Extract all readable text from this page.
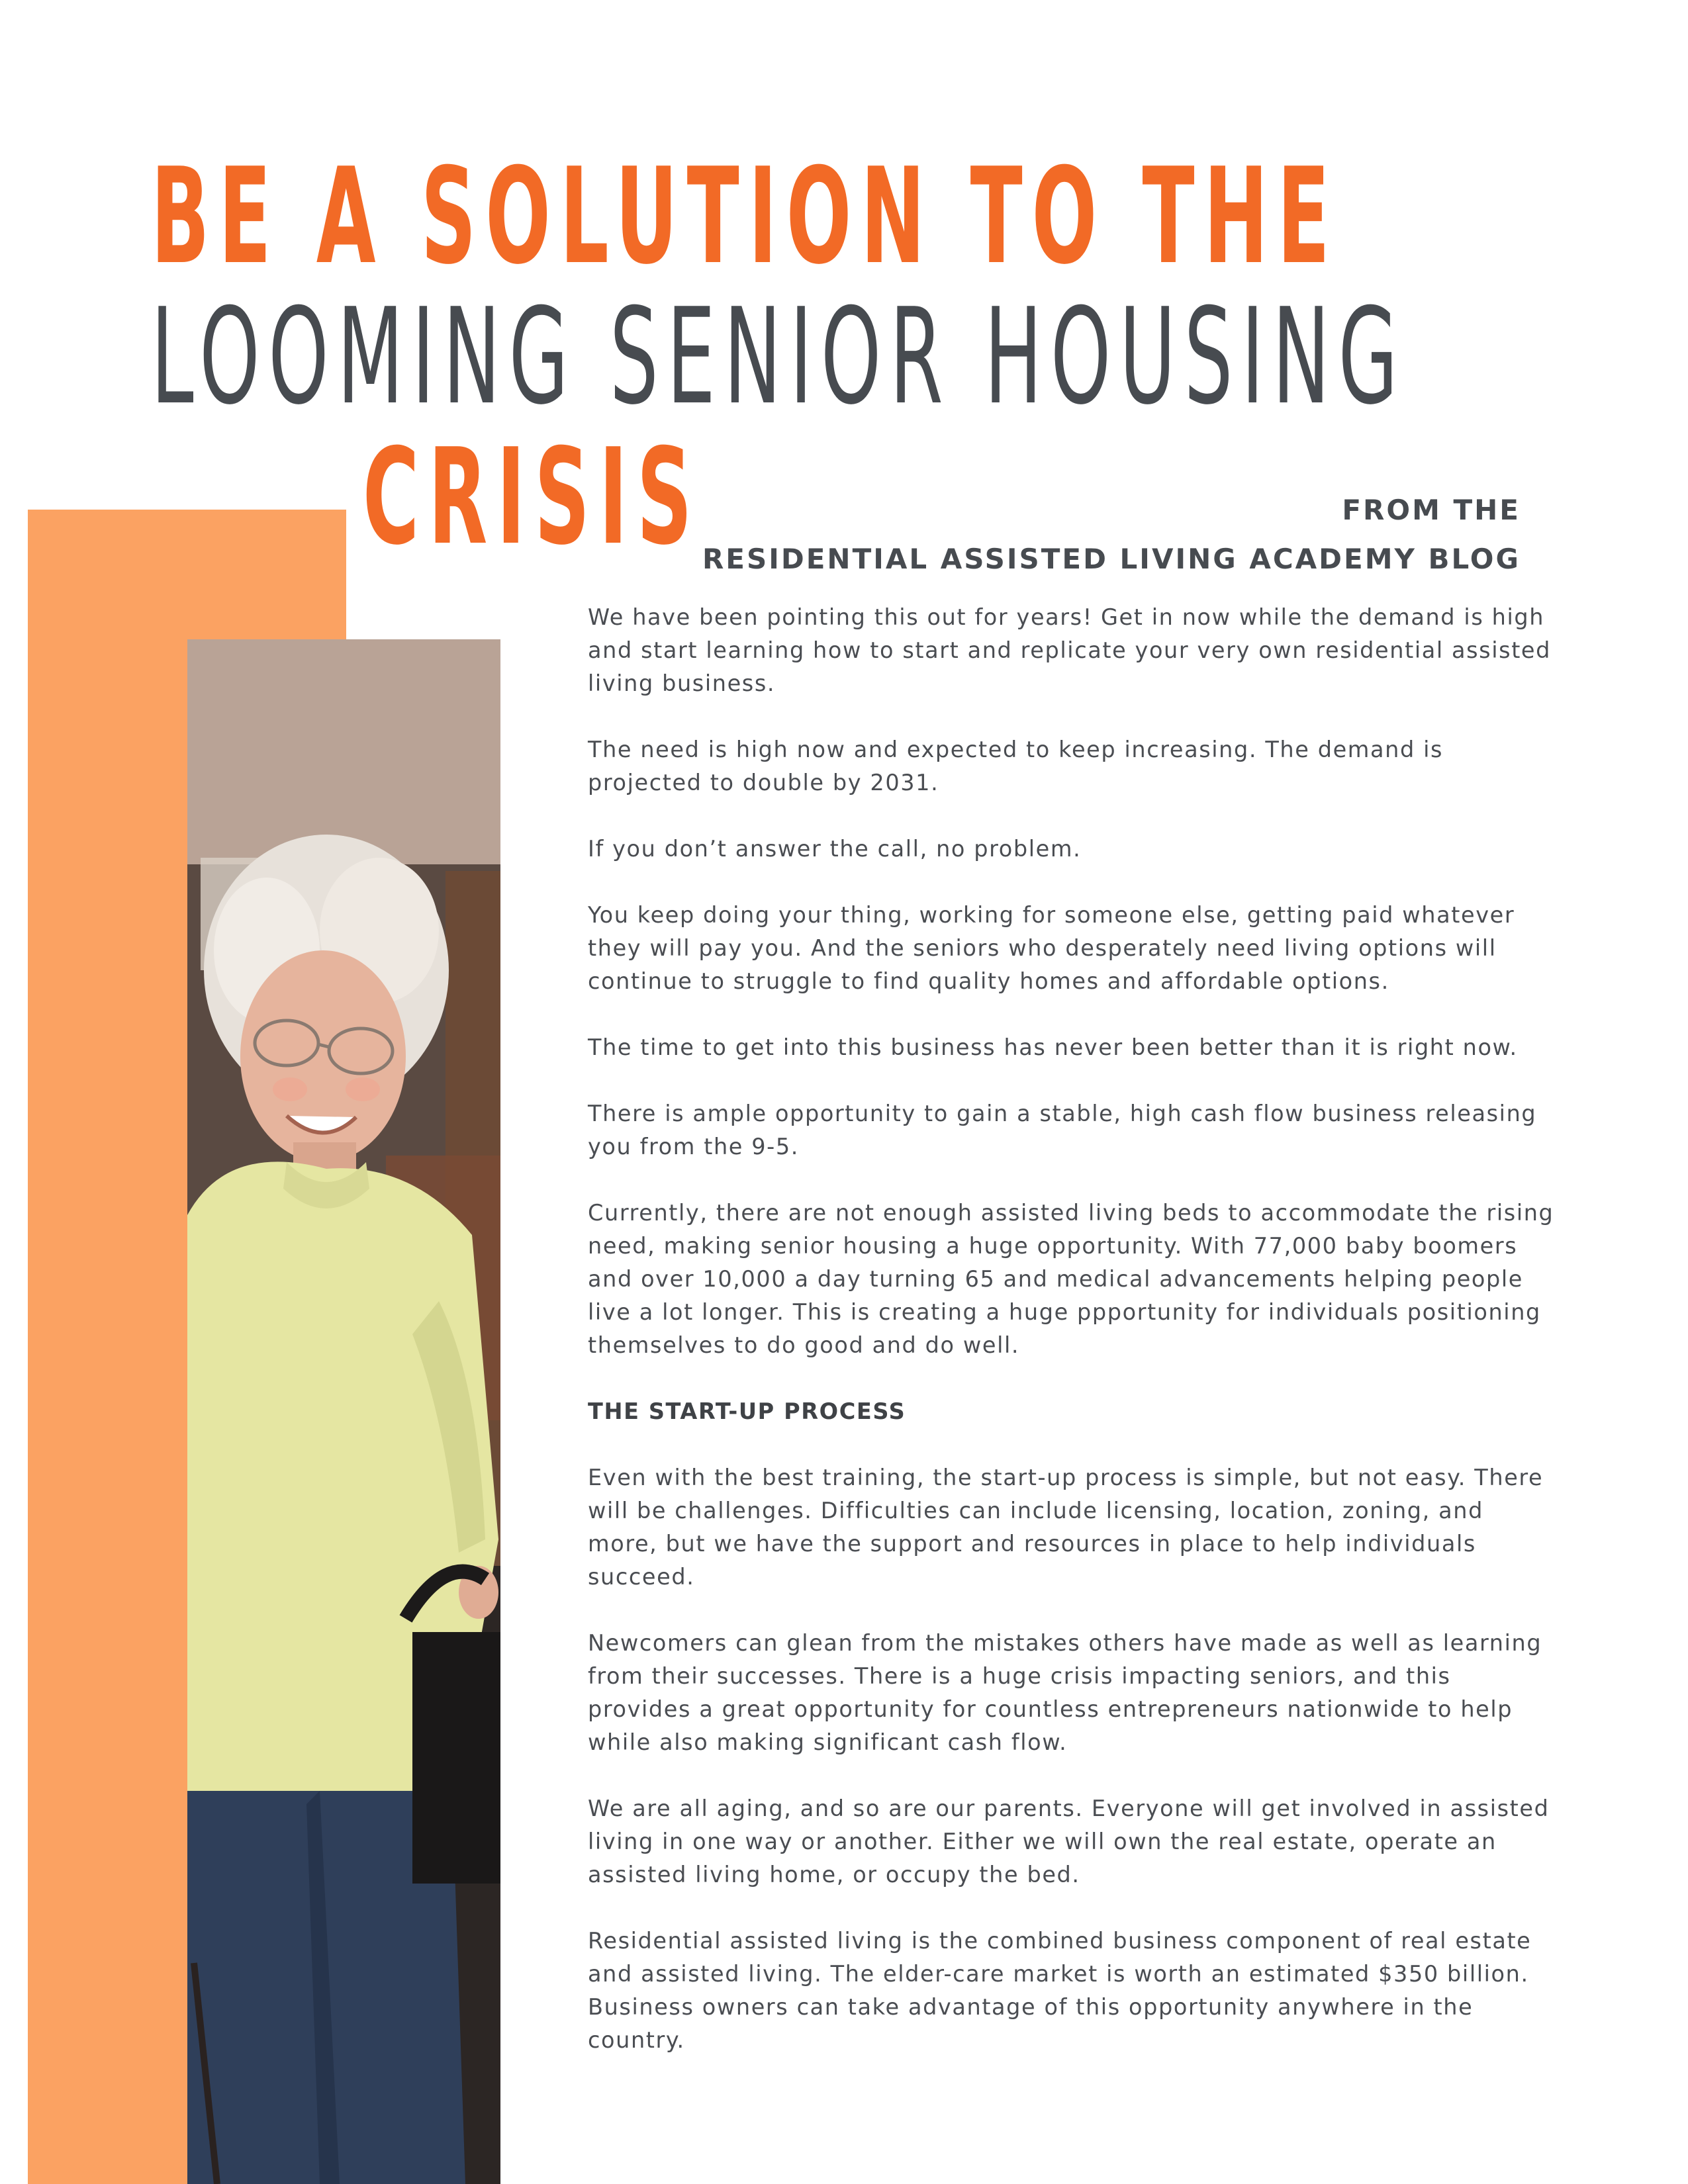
BE A SOLUTION TO THE
LOOMING SENIOR HOUSING
CRISIS	FROM THE
RESIDENTIAL ASSISTED LIVING ACADEMY BLOG

We have been pointing this out for years! Get in now while the demand is high and start learning how to start and replicate your very own residential assisted living business.

The need is high now and expected to keep increasing. The demand is projected to double by 2031.

If you don’t answer the call, no problem.

You keep doing your thing, working for someone else, getting paid whatever they will pay you. And the seniors who desperately need living options will continue to struggle to find quality homes and affordable options.

The time to get into this business has never been better than it is right now.

There is ample opportunity to gain a stable, high cash flow business releasing you from the 9-5.

Currently, there are not enough assisted living beds to accommodate the rising need, making senior housing a huge opportunity. With 77,000 baby boomers and over 10,000 a day turning 65 and medical advancements helping people live a lot longer. This is creating a huge ppportunity for individuals positioning themselves to do good and do well.

THE START-UP PROCESS

Even with the best training, the start-up process is simple, but not easy. There will be challenges. Difficulties can include licensing, location, zoning, and more, but we have the support and resources in place to help individuals succeed.

Newcomers can glean from the mistakes others have made as well as learning from their successes. There is a huge crisis impacting seniors, and this provides a great opportunity for countless entrepreneurs nationwide to help while also making significant cash flow.

We are all aging, and so are our parents. Everyone will get involved in assisted living in one way or another. Either we will own the real estate, operate an assisted living home, or occupy the bed.

Residential assisted living is the combined business component of real estate and assisted living. The elder-care market is worth an estimated $350 billion. Business owners can take advantage of this opportunity anywhere in the country.
